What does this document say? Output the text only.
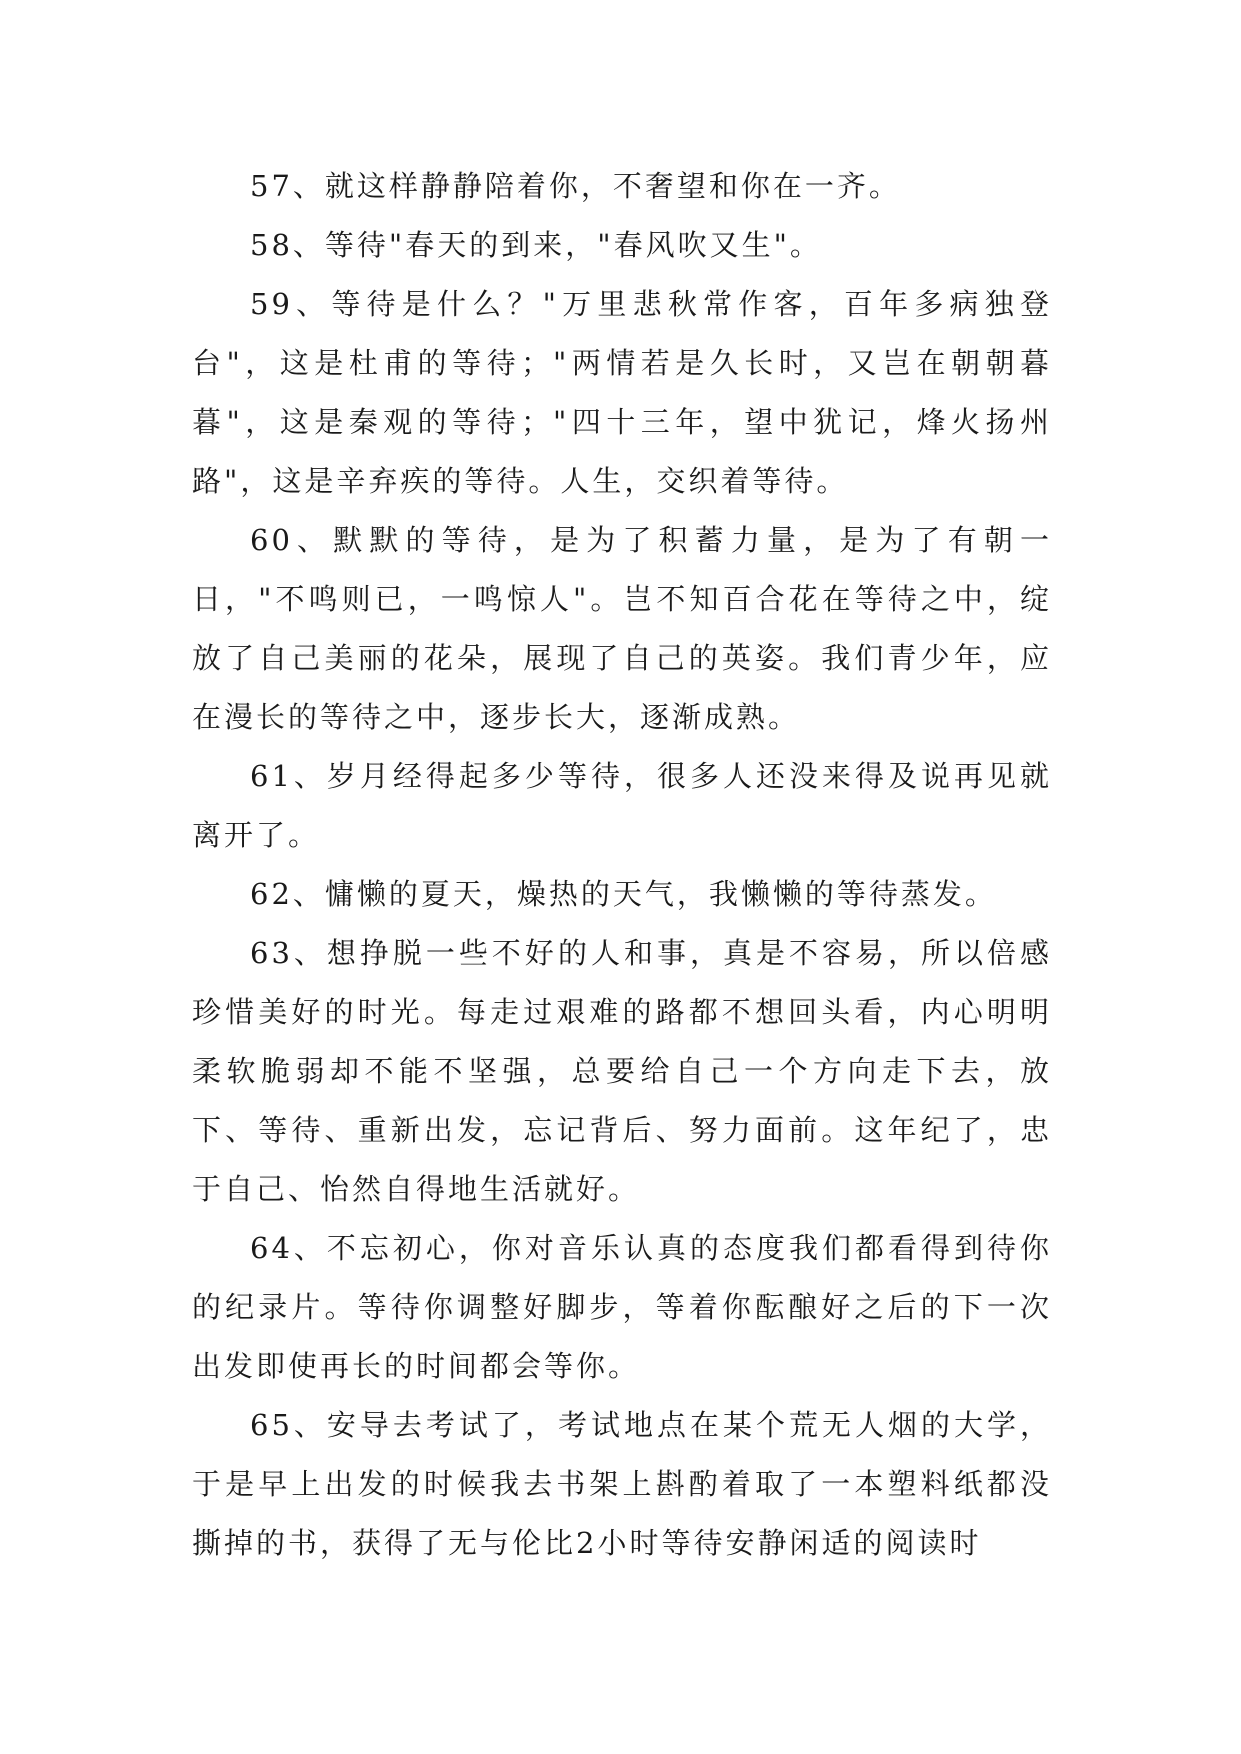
57、就这样静静陪着你，不奢望和你在一齐。

58、等待"春天的到来，"春风吹又生"。

59、等待是什么？"万里悲秋常作客，百年多病独登台"，这是杜甫的等待；"两情若是久长时，又岂在朝朝暮暮"，这是秦观的等待；"四十三年，望中犹记，烽火扬州路"，这是辛弃疾的等待。人生，交织着等待。

60、默默的等待，是为了积蓄力量，是为了有朝一日，"不鸣则已，一鸣惊人"。岂不知百合花在等待之中，绽放了自己美丽的花朵，展现了自己的英姿。我们青少年，应在漫长的等待之中，逐步长大，逐渐成熟。

61、岁月经得起多少等待，很多人还没来得及说再见就离开了。

62、慵懒的夏天，燥热的天气，我懒懒的等待蒸发。

63、想挣脱一些不好的人和事，真是不容易，所以倍感珍惜美好的时光。每走过艰难的路都不想回头看，内心明明柔软脆弱却不能不坚强，总要给自己一个方向走下去，放下、等待、重新出发，忘记背后、努力面前。这年纪了，忠于自己、怡然自得地生活就好。

64、不忘初心，你对音乐认真的态度我们都看得到待你的纪录片。等待你调整好脚步，等着你酝酿好之后的下一次出发即使再长的时间都会等你。

65、安导去考试了，考试地点在某个荒无人烟的大学，于是早上出发的时候我去书架上斟酌着取了一本塑料纸都没撕掉的书，获得了无与伦比2小时等待安静闲适的阅读时
